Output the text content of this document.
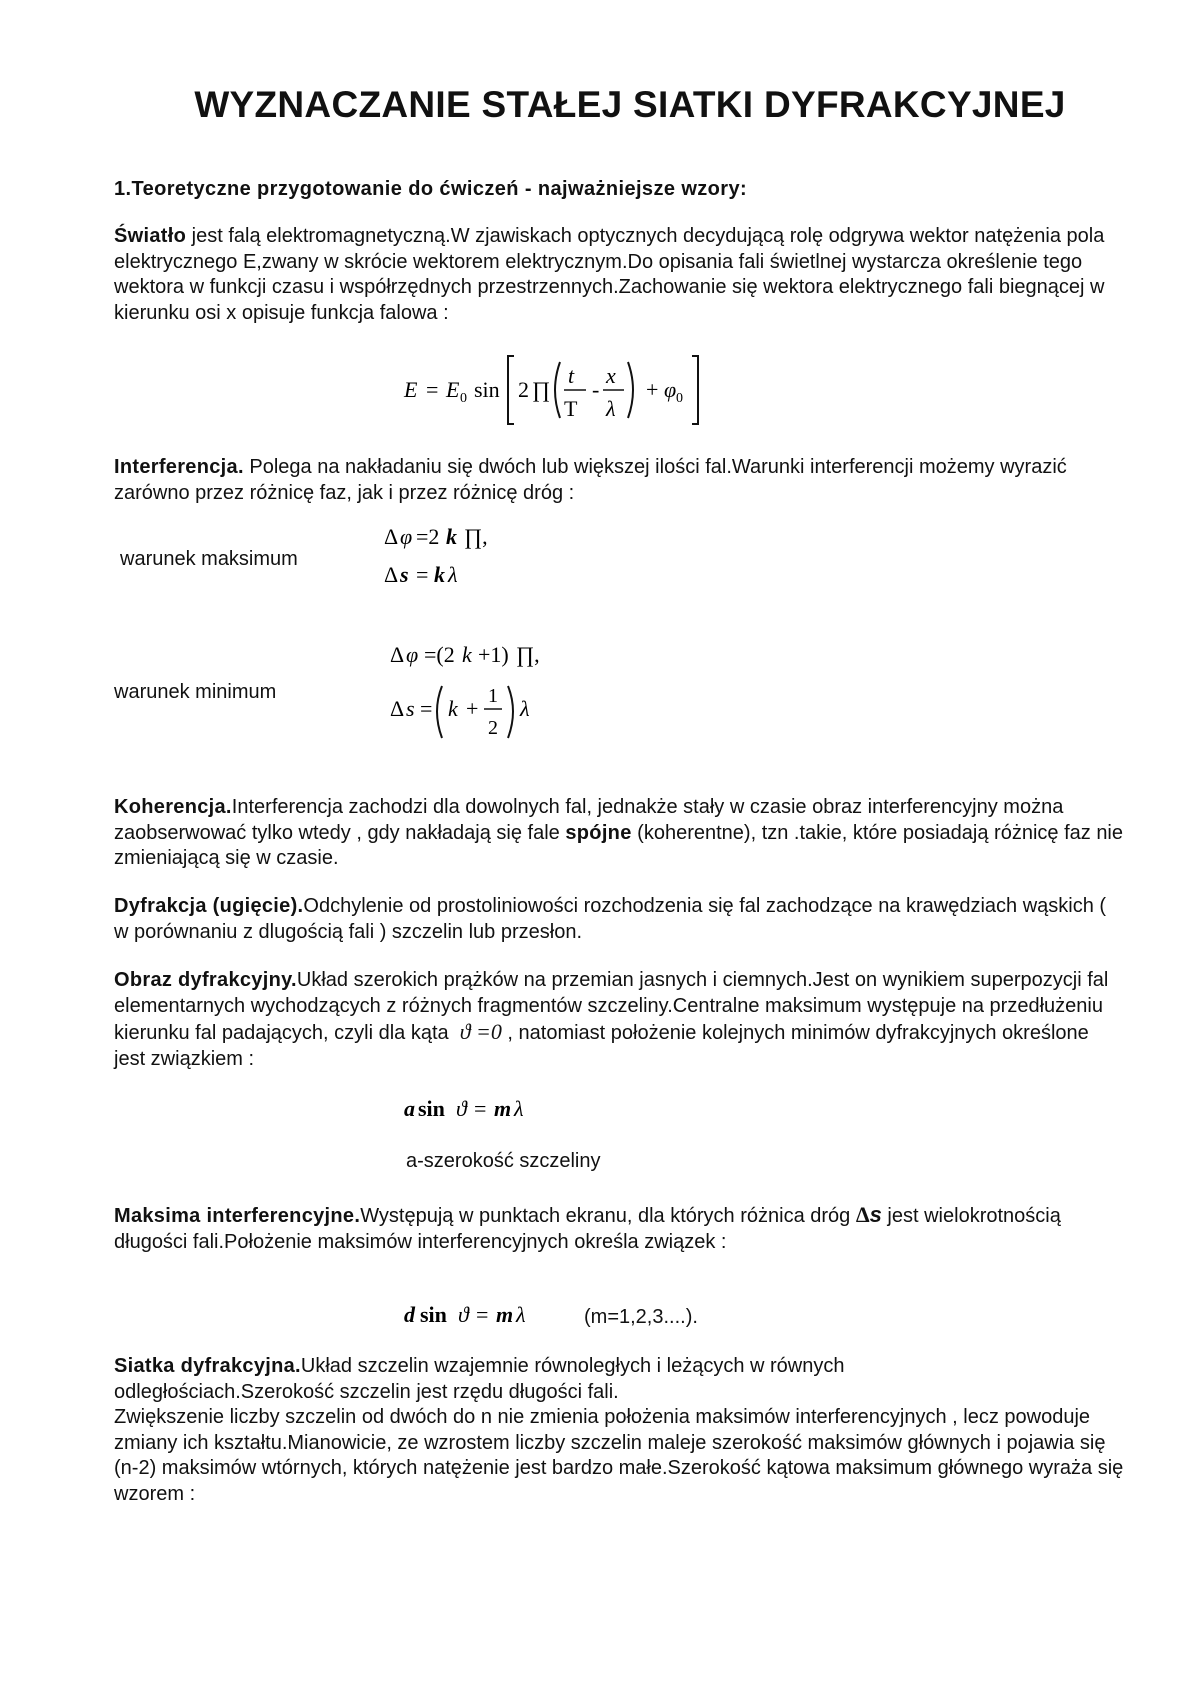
WYZNACZANIE STAŁEJ SIATKI DYFRAKCYJNEJ
1.Teoretyczne przygotowanie do ćwiczeń - najważniejsze wzory:
Światło jest falą elektromagnetyczną.W zjawiskach optycznych decydującą rolę odgrywa wektor natężenia pola elektrycznego E,zwany w skrócie wektorem elektrycznym.Do opisania fali świetlnej wystarcza określenie tego wektora w funkcji czasu i współrzędnych przestrzennych.Zachowanie się wektora elektrycznego fali biegnącej w kierunku osi x opisuje funkcja falowa :
E = E 0 sin 2 ∏
t
T
-
x
λ
+ φ 0
Interferencja. Polega na nakładaniu się dwóch lub większej ilości fal.Warunki interferencji możemy wyrazić zarówno przez różnicę faz, jak i przez różnicę dróg :
warunek maksimum
Δ φ =2 k ∏,
Δ s = k λ
warunek minimum
Δ φ =(2 k +1) ∏,
Δ s = k + 1
2
λ
Koherencja.Interferencja zachodzi dla dowolnych fal, jednakże stały w czasie obraz interferencyjny można zaobserwować tylko wtedy , gdy nakładają się fale spójne (koherentne), tzn .takie, które posiadają różnicę faz nie zmieniającą się w czasie.
Dyfrakcja (ugięcie).Odchylenie od prostoliniowości rozchodzenia się fal zachodzące na krawędziach wąskich ( w porównaniu z dlugością fali ) szczelin lub przesłon.
Obraz dyfrakcyjny.Układ szerokich prążków na przemian jasnych i ciemnych.Jest on wynikiem superpozycji fal elementarnych wychodzących z różnych fragmentów szczeliny.Centralne maksimum występuje na przedłużeniu kierunku fal padających, czyli dla kąta  ϑ =0 , natomiast położenie kolejnych minimów dyfrakcyjnych określone jest związkiem :
a sin ϑ = m λ
a-szerokość szczeliny
Maksima interferencyjne.Występują w punktach ekranu, dla których różnica dróg Δs jest wielokrotnością długości fali.Położenie maksimów interferencyjnych określa związek :
d sin ϑ = m λ	(m=1,2,3....).
Siatka dyfrakcyjna.Układ szczelin wzajemnie równoległych i leżących w równych odległościach.Szerokość szczelin jest rzędu długości fali.
Zwiększenie liczby szczelin od dwóch do n nie zmienia położenia maksimów interferencyjnych , lecz powoduje zmiany ich kształtu.Mianowicie, ze wzrostem liczby szczelin maleje szerokość maksimów głównych i pojawia się (n-2) maksimów wtórnych, których natężenie jest bardzo małe.Szerokość kątowa maksimum głównego wyraża się wzorem :
